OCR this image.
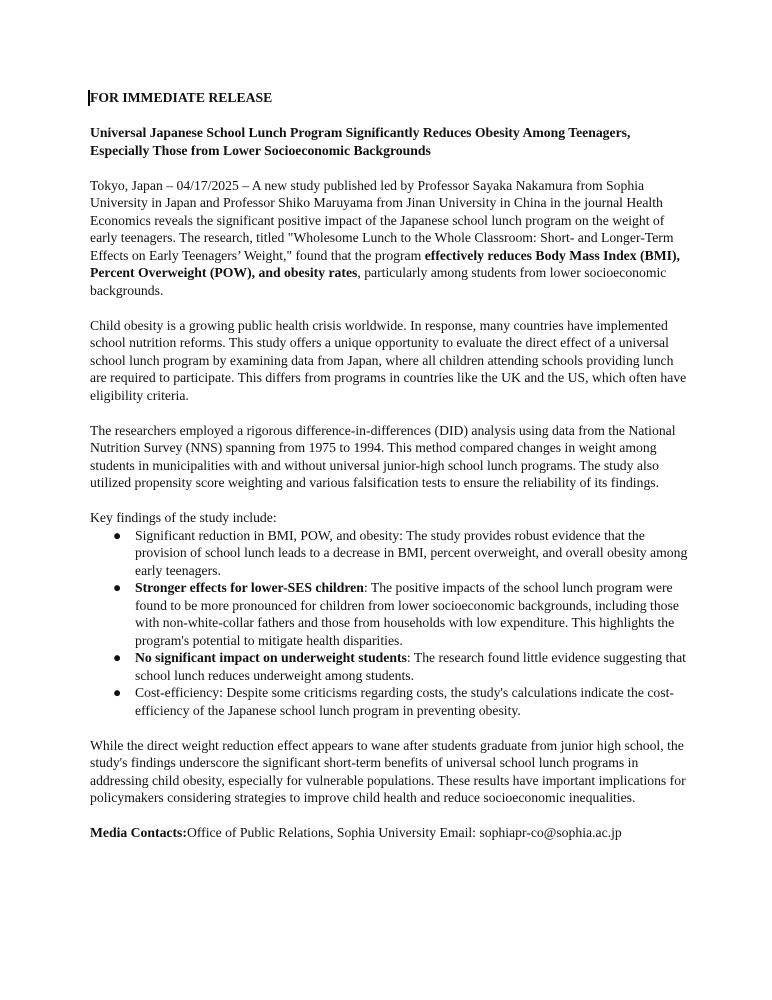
FOR IMMEDIATE RELEASE

Universal Japanese School Lunch Program Significantly Reduces Obesity Among Teenagers, Especially Those from Lower Socioeconomic Backgrounds

Tokyo, Japan – 04/17/2025 – A new study published led by Professor Sayaka Nakamura from Sophia University in Japan and Professor Shiko Maruyama from Jinan University in China in the journal Health Economics reveals the significant positive impact of the Japanese school lunch program on the weight of early teenagers. The research, titled "Wholesome Lunch to the Whole Classroom: Short- and Longer-Term Effects on Early Teenagers’ Weight," found that the program effectively reduces Body Mass Index (BMI), Percent Overweight (POW), and obesity rates, particularly among students from lower socioeconomic backgrounds.

Child obesity is a growing public health crisis worldwide. In response, many countries have implemented school nutrition reforms. This study offers a unique opportunity to evaluate the direct effect of a universal school lunch program by examining data from Japan, where all children attending schools providing lunch are required to participate. This differs from programs in countries like the UK and the US, which often have eligibility criteria.

The researchers employed a rigorous difference-in-differences (DID) analysis using data from the National Nutrition Survey (NNS) spanning from 1975 to 1994. This method compared changes in weight among students in municipalities with and without universal junior-high school lunch programs. The study also utilized propensity score weighting and various falsification tests to ensure the reliability of its findings.

Key findings of the study include:

● Significant reduction in BMI, POW, and obesity: The study provides robust evidence that the provision of school lunch leads to a decrease in BMI, percent overweight, and overall obesity among early teenagers.
● Stronger effects for lower-SES children: The positive impacts of the school lunch program were found to be more pronounced for children from lower socioeconomic backgrounds, including those with non-white-collar fathers and those from households with low expenditure. This highlights the program's potential to mitigate health disparities.
● No significant impact on underweight students: The research found little evidence suggesting that school lunch reduces underweight among students.
● Cost-efficiency: Despite some criticisms regarding costs, the study's calculations indicate the cost-efficiency of the Japanese school lunch program in preventing obesity.

While the direct weight reduction effect appears to wane after students graduate from junior high school, the study's findings underscore the significant short-term benefits of universal school lunch programs in addressing child obesity, especially for vulnerable populations. These results have important implications for policymakers considering strategies to improve child health and reduce socioeconomic inequalities.

Media Contacts:Office of Public Relations, Sophia University Email: sophiapr-co@sophia.ac.jp
